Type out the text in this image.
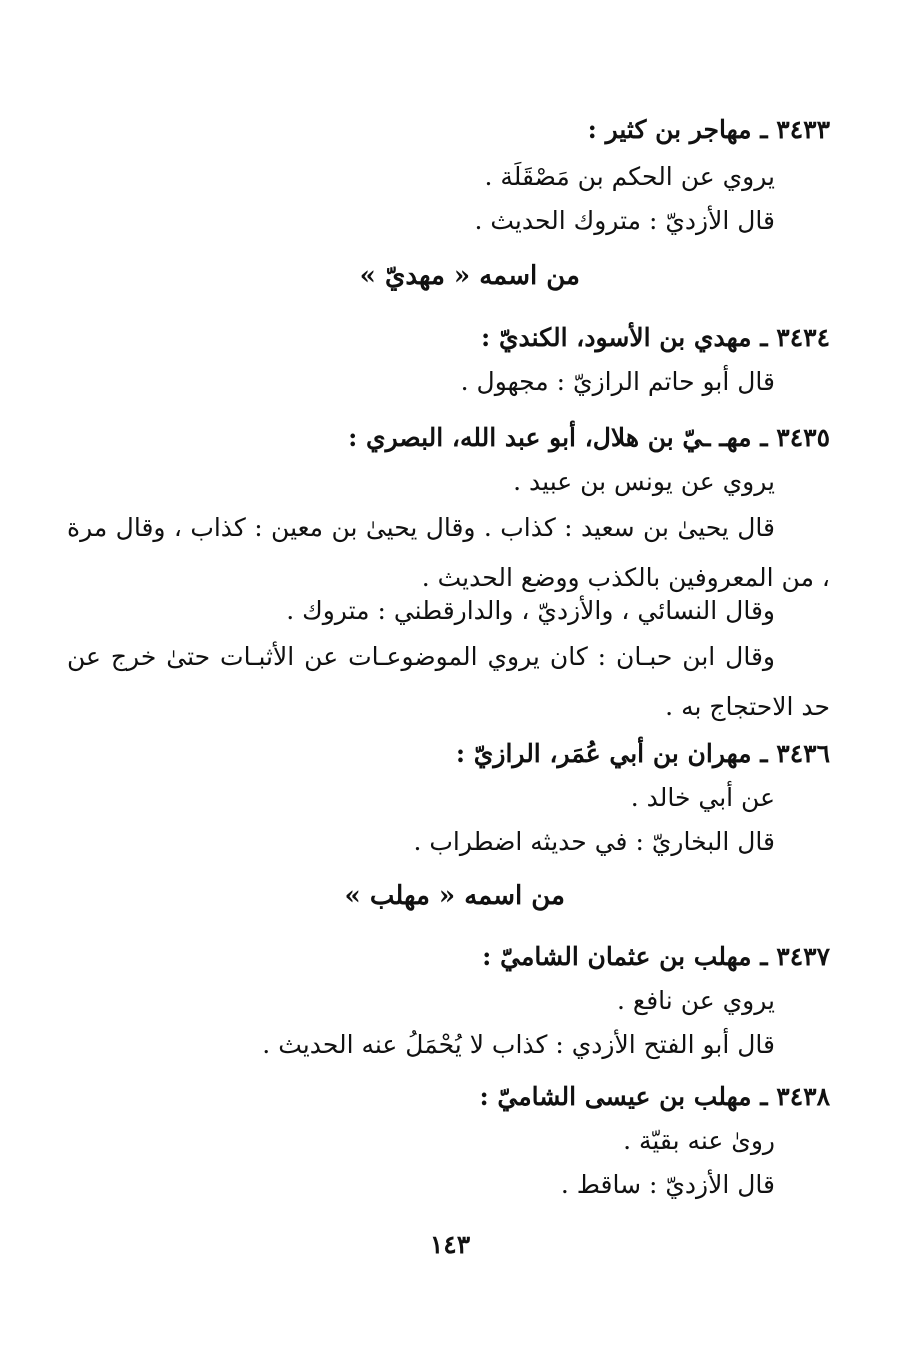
٣٤٣٣ ـ مهاجر بن كثير :
يروي عن الحكم بن مَصْقَلَة .
قال الأزديّ : متروك الحديث .
من اسمه « مهديّ »
٣٤٣٤ ـ مهدي بن الأسود، الكنديّ :
قال أبو حاتم الرازيّ : مجهول .
٣٤٣٥ ـ مهـ ـيّ بن هلال، أبو عبد الله، البصري :
يروي عن يونس بن عبيد .
قال يحيىٰ بن سعيد : كذاب . وقال يحيىٰ بن معين : كذاب ، وقال مرة ، من المعروفين بالكذب ووضع الحديث .
وقال النسائي ، والأزديّ ، والدارقطني : متروك .
وقال ابن حبـان : كان يروي الموضوعـات عن الأثبـات حتىٰ خرج عن حد الاحتجاج به .
٣٤٣٦ ـ مهران بن أبي عُمَر، الرازيّ :
عن أبي خالد .
قال البخاريّ : في حديثه اضطراب .
من اسمه « مهلب »
٣٤٣٧ ـ مهلب بن عثمان الشاميّ :
يروي عن نافع .
قال أبو الفتح الأزدي : كذاب لا يُحْمَلُ عنه الحديث .
٣٤٣٨ ـ مهلب بن عيسى الشاميّ :
روىٰ عنه بقيّة .
قال الأزديّ : ساقط .
١٤٣
